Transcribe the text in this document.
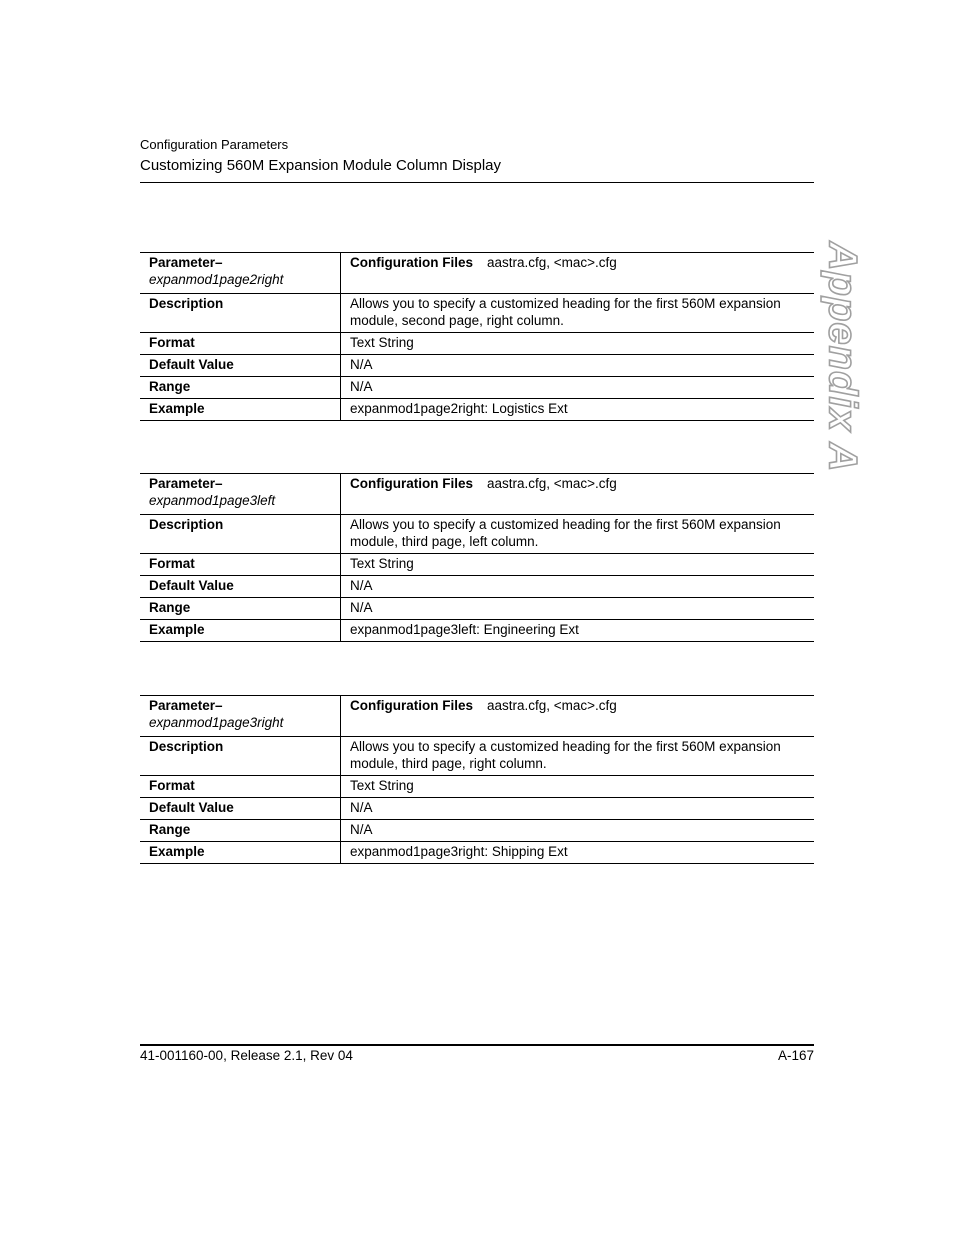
Configuration Parameters
Customizing 560M Expansion Module Column Display
Appendix A
Parameter–
expanmod1page2right	Configuration Files aastra.cfg, <mac>.cfg
Description	Allows you to specify a customized heading for the first 560M expansion module, second page, right column.
Format	Text String
Default Value	N/A
Range	N/A
Example	expanmod1page2right: Logistics Ext
Parameter–
expanmod1page3left	Configuration Files aastra.cfg, <mac>.cfg
Description	Allows you to specify a customized heading for the first 560M expansion module, third page, left column.
Format	Text String
Default Value	N/A
Range	N/A
Example	expanmod1page3left: Engineering Ext
Parameter–
expanmod1page3right	Configuration Files aastra.cfg, <mac>.cfg
Description	Allows you to specify a customized heading for the first 560M expansion module, third page, right column.
Format	Text String
Default Value	N/A
Range	N/A
Example	expanmod1page3right: Shipping Ext
41-001160-00, Release 2.1, Rev 04	A-167
